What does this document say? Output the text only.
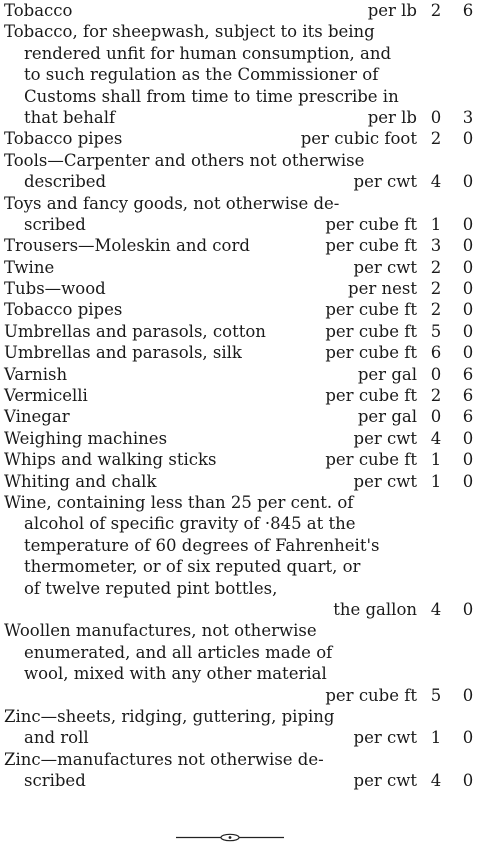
Tobacco	per lb 2 6
Tobacco, for sheepwash, subject to its being
rendered unfit for human consumption, and
to such regulation as the Commissioner of
Customs shall from time to time prescribe in
that behalf	per lb 0 3
Tobacco pipes	per cubic foot 2 0
Tools—Carpenter and others not otherwise
described	per cwt 4 0
Toys and fancy goods, not otherwise de-
scribed	per cube ft 1 0
Trousers—Moleskin and cord	per cube ft 3 0
Twine	per cwt 2 0
Tubs—wood	per nest 2 0
Tobacco pipes	per cube ft 2 0
Umbrellas and parasols, cotton	per cube ft 5 0
Umbrellas and parasols, silk	per cube ft 6 0
Varnish	per gal 0 6
Vermicelli	per cube ft 2 6
Vinegar	per gal 0 6
Weighing machines	per cwt 4 0
Whips and walking sticks	per cube ft 1 0
Whiting and chalk	per cwt 1 0
Wine, containing less than 25 per cent. of
alcohol of specific gravity of ·845 at the
temperature of 60 degrees of Fahrenheit's
thermometer, or of six reputed quart, or
of twelve reputed pint bottles,
the gallon 4 0
Woollen manufactures, not otherwise
enumerated, and all articles made of
wool, mixed with any other material
per cube ft 5 0
Zinc—sheets, ridging, guttering, piping
and roll	per cwt 1 0
Zinc—manufactures not otherwise de-
scribed	per cwt 4 0
